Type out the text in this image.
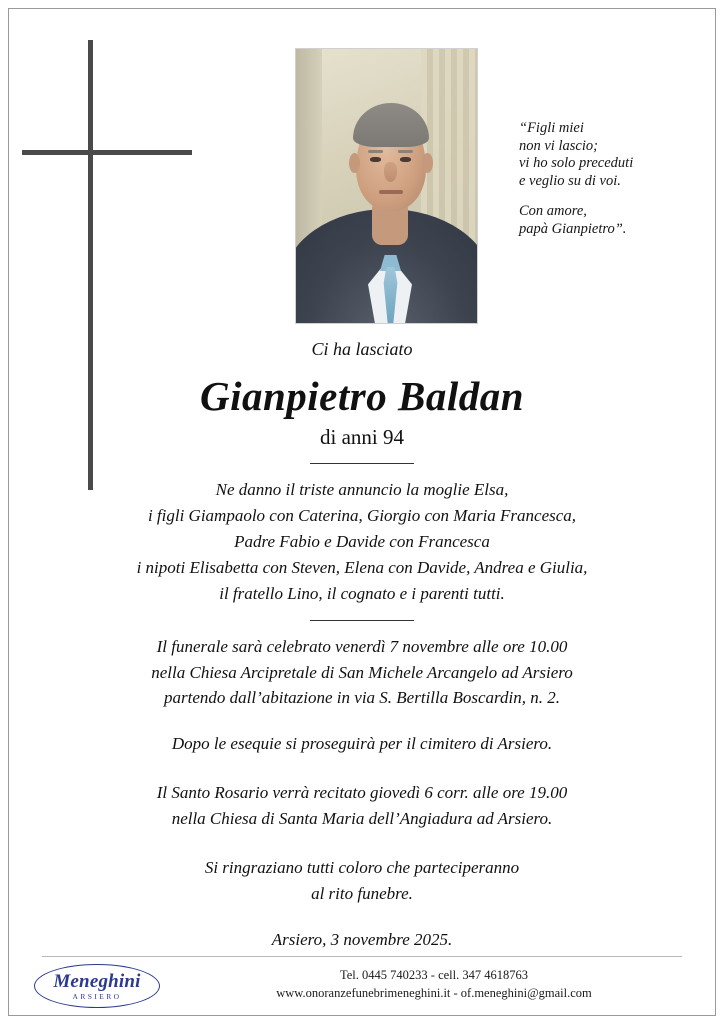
“Figli miei
non vi lascio;
vi ho solo preceduti
e veglio su di voi.

Con amore,
papà Gianpietro”.

Ci ha lasciato

Gianpietro Baldan

di anni 94

Ne danno il triste annuncio la moglie Elsa,
i figli Giampaolo con Caterina, Giorgio con Maria Francesca,
Padre Fabio e Davide con Francesca
i nipoti Elisabetta con Steven, Elena con Davide, Andrea e Giulia,
il fratello Lino, il cognato e i parenti tutti.

Il funerale sarà celebrato venerdì 7 novembre alle ore 10.00
nella Chiesa Arcipretale di San Michele Arcangelo ad Arsiero
partendo dall’abitazione in via S. Bertilla Boscardin, n. 2.

Dopo le esequie si proseguirà per il cimitero di Arsiero.

Il Santo Rosario verrà recitato giovedì 6 corr. alle ore 19.00
nella Chiesa di Santa Maria dell’Angiadura ad Arsiero.

Si ringraziano tutti coloro che parteciperanno
al rito funebre.

Arsiero, 3 novembre 2025.

Meneghini
ARSIERO
Tel. 0445 740233 - cell. 347 4618763
www.onoranzefunebrimeneghini.it - of.meneghini@gmail.com
